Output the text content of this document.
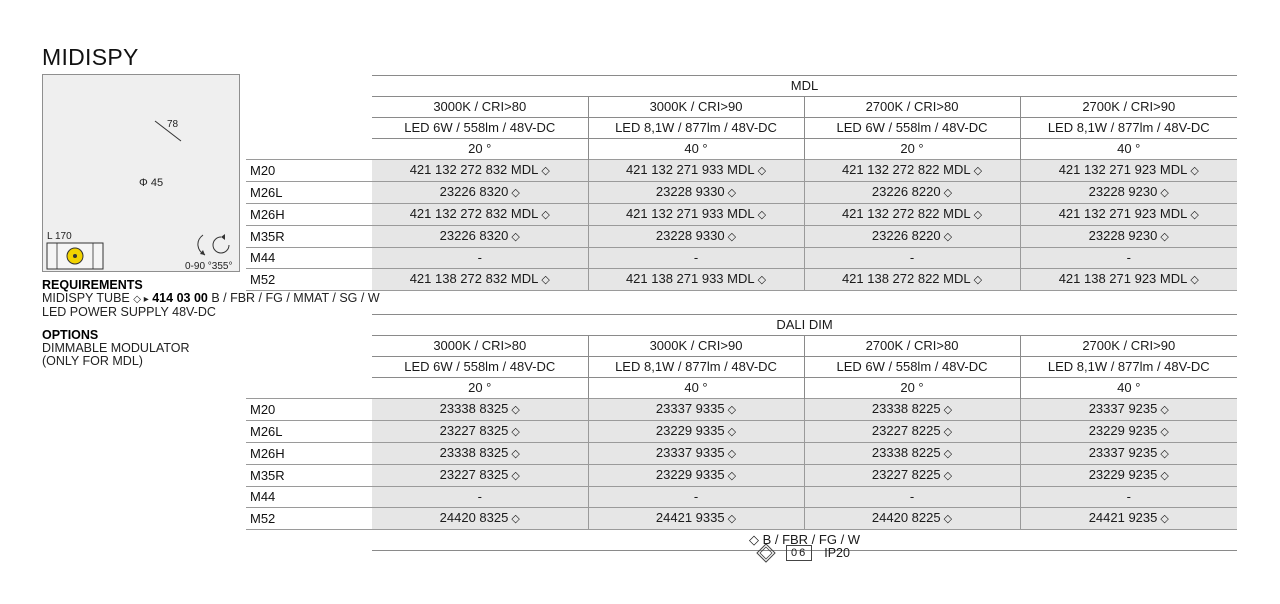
MIDISPY
78
Φ 45
L 170
0-90 °355°
REQUIREMENTS
MIDISPY TUBE ◇ ▸ 414 03 00 B / FBR / FG / MMAT / SG / W
LED POWER SUPPLY 48V-DC
OPTIONS
DIMMABLE MODULATOR
(ONLY FOR MDL)
	MDL			
	3000K / CRI>80	3000K / CRI>90	2700K / CRI>80	2700K / CRI>90
	LED 6W / 558lm / 48V-DC	LED 8,1W / 877lm / 48V-DC	LED 6W / 558lm / 48V-DC	LED 8,1W / 877lm / 48V-DC
	20 °	40 °	20 °	40 °
M20	421 132 272 832 MDL ◇	421 132 271 933 MDL ◇	421 132 272 822 MDL ◇	421 132 271 923 MDL ◇
M26L	23226 8320 ◇	23228 9330 ◇	23226 8220 ◇	23228 9230 ◇
M26H	421 132 272 832 MDL ◇	421 132 271 933 MDL ◇	421 132 272 822 MDL ◇	421 132 271 923 MDL ◇
M35R	23226 8320 ◇	23228 9330 ◇	23226 8220 ◇	23228 9230 ◇
M44	-	-	-	-
M52	421 138 272 832 MDL ◇	421 138 271 933 MDL ◇	421 138 272 822 MDL ◇	421 138 271 923 MDL ◇
	DALI DIM			
	3000K / CRI>80	3000K / CRI>90	2700K / CRI>80	2700K / CRI>90
	LED 6W / 558lm / 48V-DC	LED 8,1W / 877lm / 48V-DC	LED 6W / 558lm / 48V-DC	LED 8,1W / 877lm / 48V-DC
	20 °	40 °	20 °	40 °
M20	23338 8325 ◇	23337 9335 ◇	23338 8225 ◇	23337 9235 ◇
M26L	23227 8325 ◇	23229 9335 ◇	23227 8225 ◇	23229 9235 ◇
M26H	23338 8325 ◇	23337 9335 ◇	23338 8225 ◇	23337 9235 ◇
M35R	23227 8325 ◇	23229 9335 ◇	23227 8225 ◇	23229 9235 ◇
M44	-	-	-	-
M52	24420 8325 ◇	24421 9335 ◇	24420 8225 ◇	24421 9235 ◇
	◇ B / FBR / FG / W			
06	IP20
